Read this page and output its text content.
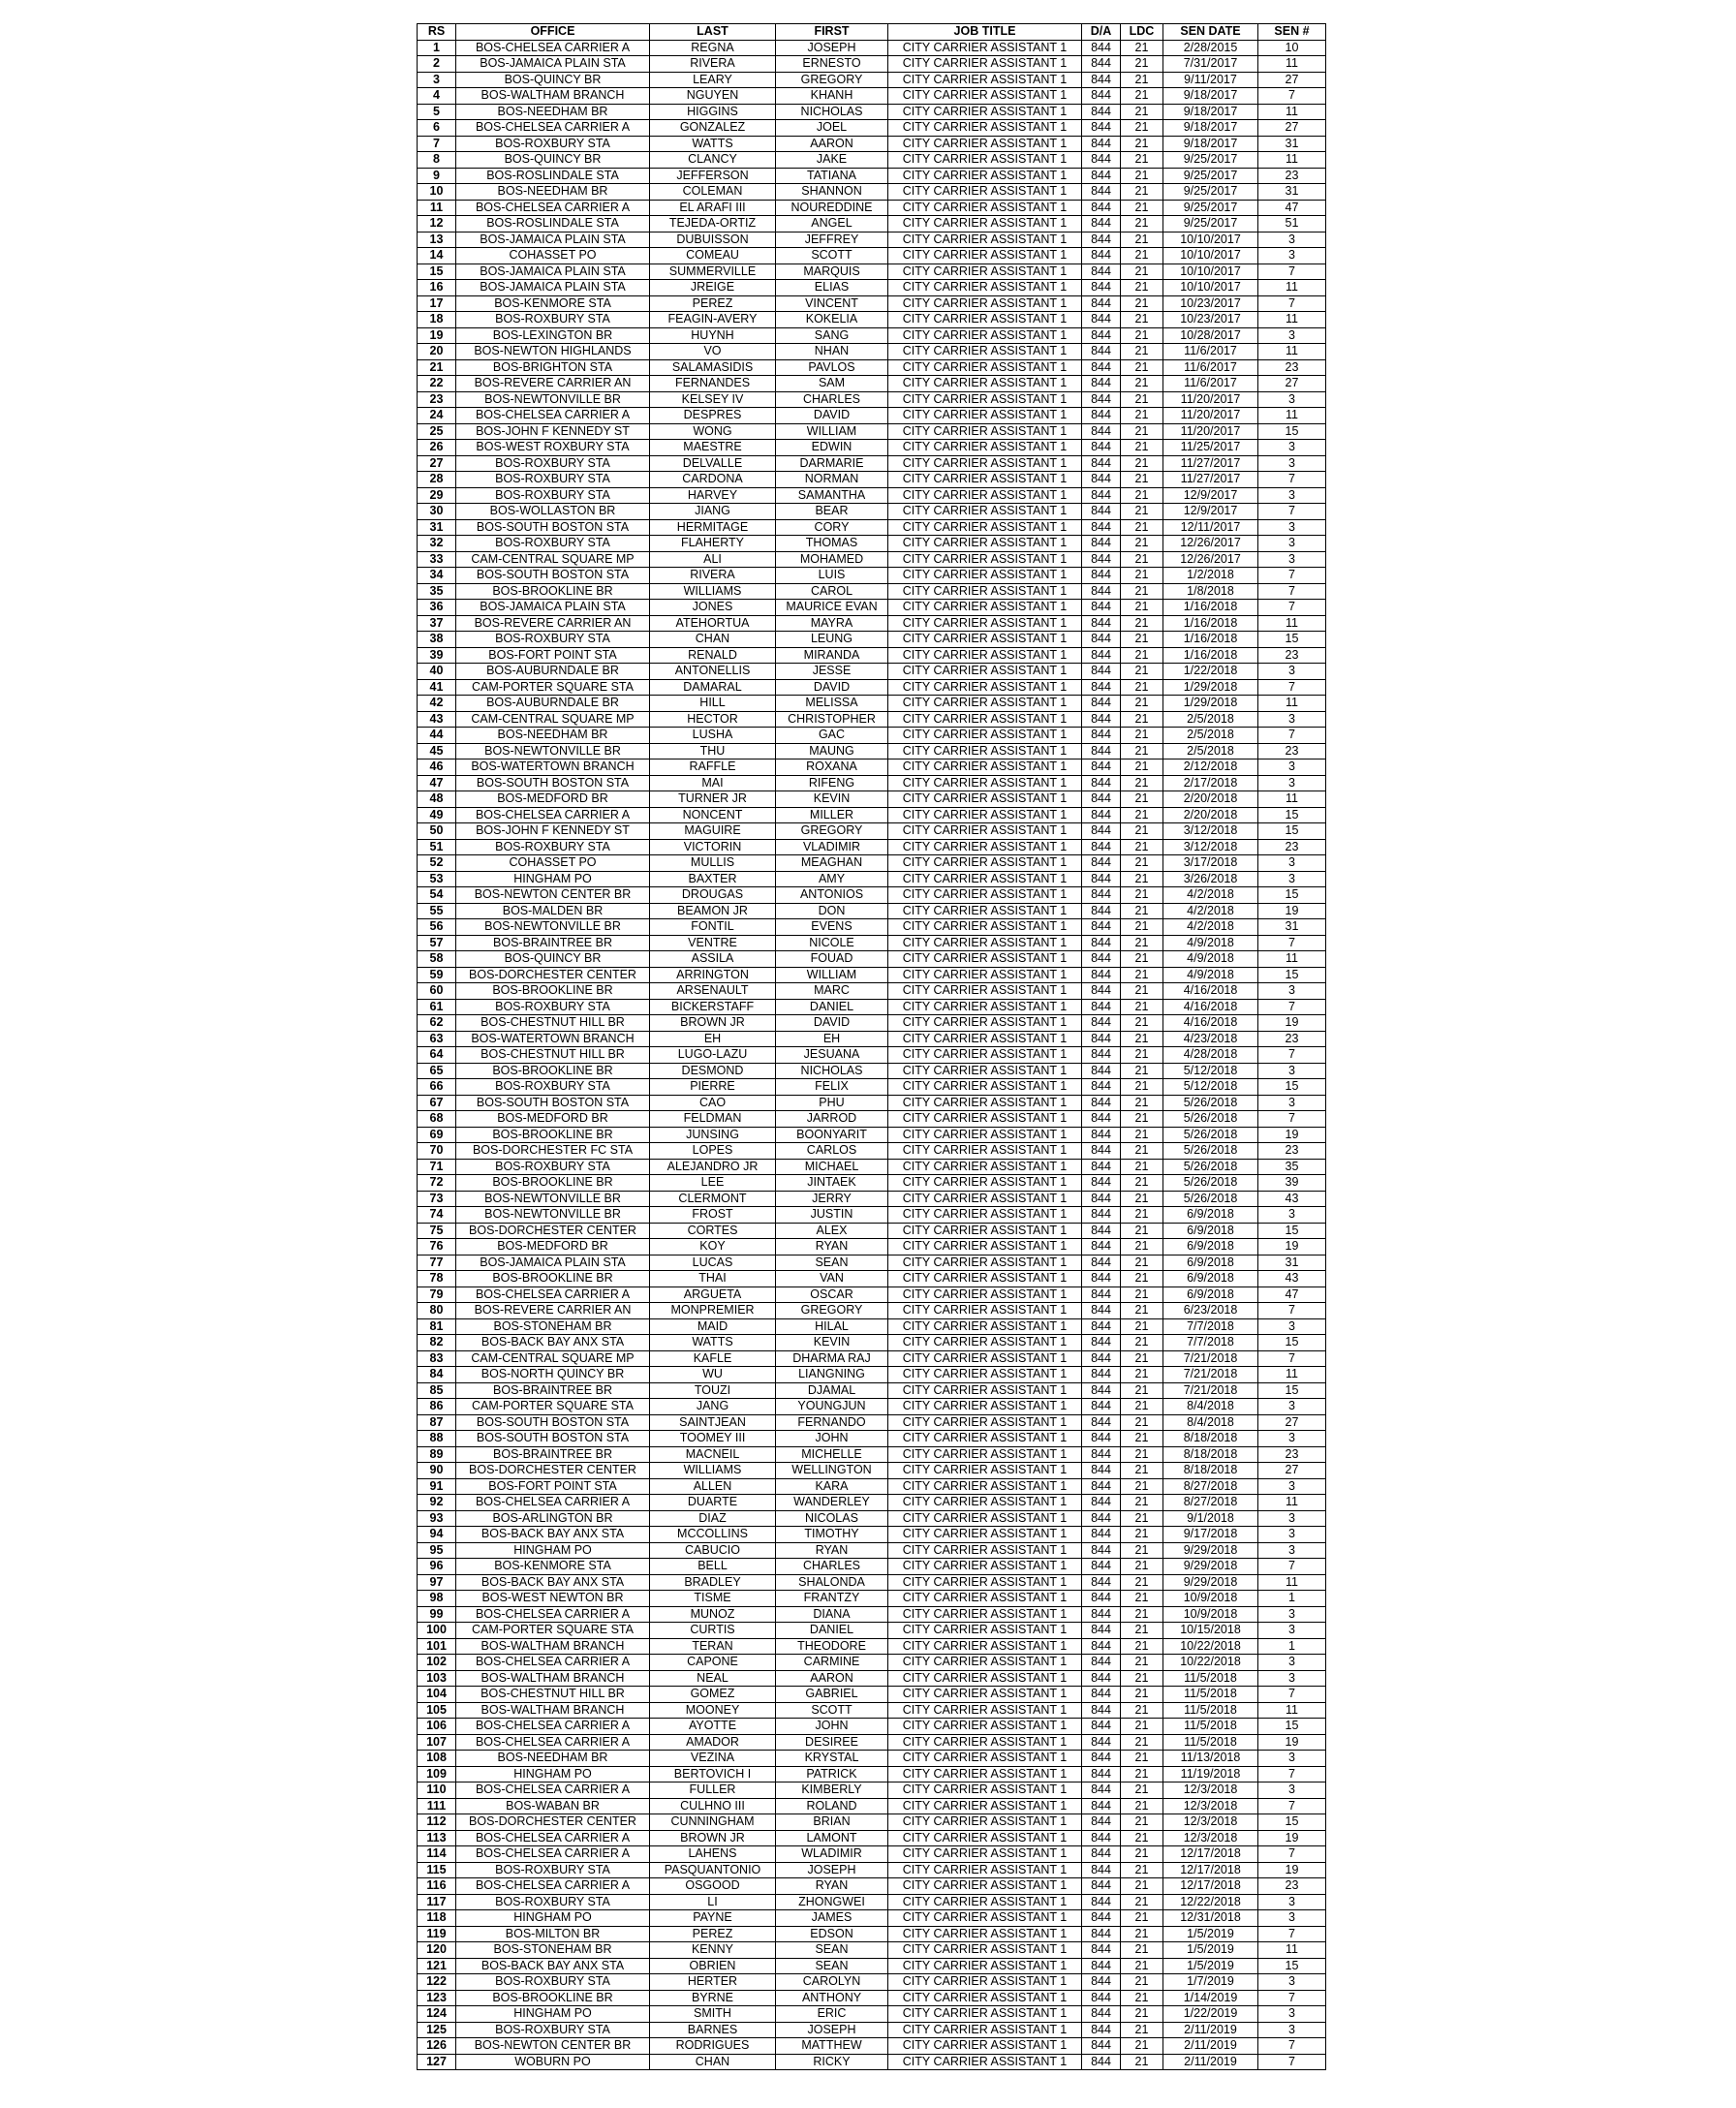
RS	OFFICE	LAST	FIRST	JOB TITLE	D/A	LDC	SEN DATE	SEN #
1	BOS-CHELSEA CARRIER A	REGNA	JOSEPH	CITY CARRIER ASSISTANT 1	844	21	2/28/2015	10
2	BOS-JAMAICA PLAIN STA	RIVERA	ERNESTO	CITY CARRIER ASSISTANT 1	844	21	7/31/2017	11
3	BOS-QUINCY BR	LEARY	GREGORY	CITY CARRIER ASSISTANT 1	844	21	9/11/2017	27
4	BOS-WALTHAM BRANCH	NGUYEN	KHANH	CITY CARRIER ASSISTANT 1	844	21	9/18/2017	7
5	BOS-NEEDHAM BR	HIGGINS	NICHOLAS	CITY CARRIER ASSISTANT 1	844	21	9/18/2017	11
6	BOS-CHELSEA CARRIER A	GONZALEZ	JOEL	CITY CARRIER ASSISTANT 1	844	21	9/18/2017	27
7	BOS-ROXBURY STA	WATTS	AARON	CITY CARRIER ASSISTANT 1	844	21	9/18/2017	31
8	BOS-QUINCY BR	CLANCY	JAKE	CITY CARRIER ASSISTANT 1	844	21	9/25/2017	11
9	BOS-ROSLINDALE STA	JEFFERSON	TATIANA	CITY CARRIER ASSISTANT 1	844	21	9/25/2017	23
10	BOS-NEEDHAM BR	COLEMAN	SHANNON	CITY CARRIER ASSISTANT 1	844	21	9/25/2017	31
11	BOS-CHELSEA CARRIER A	EL ARAFI III	NOUREDDINE	CITY CARRIER ASSISTANT 1	844	21	9/25/2017	47
12	BOS-ROSLINDALE STA	TEJEDA-ORTIZ	ANGEL	CITY CARRIER ASSISTANT 1	844	21	9/25/2017	51
13	BOS-JAMAICA PLAIN STA	DUBUISSON	JEFFREY	CITY CARRIER ASSISTANT 1	844	21	10/10/2017	3
14	COHASSET PO	COMEAU	SCOTT	CITY CARRIER ASSISTANT 1	844	21	10/10/2017	3
15	BOS-JAMAICA PLAIN STA	SUMMERVILLE	MARQUIS	CITY CARRIER ASSISTANT 1	844	21	10/10/2017	7
16	BOS-JAMAICA PLAIN STA	JREIGE	ELIAS	CITY CARRIER ASSISTANT 1	844	21	10/10/2017	11
17	BOS-KENMORE STA	PEREZ	VINCENT	CITY CARRIER ASSISTANT 1	844	21	10/23/2017	7
18	BOS-ROXBURY STA	FEAGIN-AVERY	KOKELIA	CITY CARRIER ASSISTANT 1	844	21	10/23/2017	11
19	BOS-LEXINGTON BR	HUYNH	SANG	CITY CARRIER ASSISTANT 1	844	21	10/28/2017	3
20	BOS-NEWTON HIGHLANDS	VO	NHAN	CITY CARRIER ASSISTANT 1	844	21	11/6/2017	11
21	BOS-BRIGHTON STA	SALAMASIDIS	PAVLOS	CITY CARRIER ASSISTANT 1	844	21	11/6/2017	23
22	BOS-REVERE CARRIER AN	FERNANDES	SAM	CITY CARRIER ASSISTANT 1	844	21	11/6/2017	27
23	BOS-NEWTONVILLE BR	KELSEY IV	CHARLES	CITY CARRIER ASSISTANT 1	844	21	11/20/2017	3
24	BOS-CHELSEA CARRIER A	DESPRES	DAVID	CITY CARRIER ASSISTANT 1	844	21	11/20/2017	11
25	BOS-JOHN F KENNEDY ST	WONG	WILLIAM	CITY CARRIER ASSISTANT 1	844	21	11/20/2017	15
26	BOS-WEST ROXBURY STA	MAESTRE	EDWIN	CITY CARRIER ASSISTANT 1	844	21	11/25/2017	3
27	BOS-ROXBURY STA	DELVALLE	DARMARIE	CITY CARRIER ASSISTANT 1	844	21	11/27/2017	3
28	BOS-ROXBURY STA	CARDONA	NORMAN	CITY CARRIER ASSISTANT 1	844	21	11/27/2017	7
29	BOS-ROXBURY STA	HARVEY	SAMANTHA	CITY CARRIER ASSISTANT 1	844	21	12/9/2017	3
30	BOS-WOLLASTON BR	JIANG	BEAR	CITY CARRIER ASSISTANT 1	844	21	12/9/2017	7
31	BOS-SOUTH BOSTON STA	HERMITAGE	CORY	CITY CARRIER ASSISTANT 1	844	21	12/11/2017	3
32	BOS-ROXBURY STA	FLAHERTY	THOMAS	CITY CARRIER ASSISTANT 1	844	21	12/26/2017	3
33	CAM-CENTRAL SQUARE MP	ALI	MOHAMED	CITY CARRIER ASSISTANT 1	844	21	12/26/2017	3
34	BOS-SOUTH BOSTON STA	RIVERA	LUIS	CITY CARRIER ASSISTANT 1	844	21	1/2/2018	7
35	BOS-BROOKLINE BR	WILLIAMS	CAROL	CITY CARRIER ASSISTANT 1	844	21	1/8/2018	7
36	BOS-JAMAICA PLAIN STA	JONES	MAURICE EVAN	CITY CARRIER ASSISTANT 1	844	21	1/16/2018	7
37	BOS-REVERE CARRIER AN	ATEHORTUA	MAYRA	CITY CARRIER ASSISTANT 1	844	21	1/16/2018	11
38	BOS-ROXBURY STA	CHAN	LEUNG	CITY CARRIER ASSISTANT 1	844	21	1/16/2018	15
39	BOS-FORT POINT STA	RENALD	MIRANDA	CITY CARRIER ASSISTANT 1	844	21	1/16/2018	23
40	BOS-AUBURNDALE BR	ANTONELLIS	JESSE	CITY CARRIER ASSISTANT 1	844	21	1/22/2018	3
41	CAM-PORTER SQUARE STA	DAMARAL	DAVID	CITY CARRIER ASSISTANT 1	844	21	1/29/2018	7
42	BOS-AUBURNDALE BR	HILL	MELISSA	CITY CARRIER ASSISTANT 1	844	21	1/29/2018	11
43	CAM-CENTRAL SQUARE MP	HECTOR	CHRISTOPHER	CITY CARRIER ASSISTANT 1	844	21	2/5/2018	3
44	BOS-NEEDHAM BR	LUSHA	GAC	CITY CARRIER ASSISTANT 1	844	21	2/5/2018	7
45	BOS-NEWTONVILLE BR	THU	MAUNG	CITY CARRIER ASSISTANT 1	844	21	2/5/2018	23
46	BOS-WATERTOWN BRANCH	RAFFLE	ROXANA	CITY CARRIER ASSISTANT 1	844	21	2/12/2018	3
47	BOS-SOUTH BOSTON STA	MAI	RIFENG	CITY CARRIER ASSISTANT 1	844	21	2/17/2018	3
48	BOS-MEDFORD BR	TURNER JR	KEVIN	CITY CARRIER ASSISTANT 1	844	21	2/20/2018	11
49	BOS-CHELSEA CARRIER A	NONCENT	MILLER	CITY CARRIER ASSISTANT 1	844	21	2/20/2018	15
50	BOS-JOHN F KENNEDY ST	MAGUIRE	GREGORY	CITY CARRIER ASSISTANT 1	844	21	3/12/2018	15
51	BOS-ROXBURY STA	VICTORIN	VLADIMIR	CITY CARRIER ASSISTANT 1	844	21	3/12/2018	23
52	COHASSET PO	MULLIS	MEAGHAN	CITY CARRIER ASSISTANT 1	844	21	3/17/2018	3
53	HINGHAM PO	BAXTER	AMY	CITY CARRIER ASSISTANT 1	844	21	3/26/2018	3
54	BOS-NEWTON CENTER BR	DROUGAS	ANTONIOS	CITY CARRIER ASSISTANT 1	844	21	4/2/2018	15
55	BOS-MALDEN BR	BEAMON JR	DON	CITY CARRIER ASSISTANT 1	844	21	4/2/2018	19
56	BOS-NEWTONVILLE BR	FONTIL	EVENS	CITY CARRIER ASSISTANT 1	844	21	4/2/2018	31
57	BOS-BRAINTREE BR	VENTRE	NICOLE	CITY CARRIER ASSISTANT 1	844	21	4/9/2018	7
58	BOS-QUINCY BR	ASSILA	FOUAD	CITY CARRIER ASSISTANT 1	844	21	4/9/2018	11
59	BOS-DORCHESTER CENTER	ARRINGTON	WILLIAM	CITY CARRIER ASSISTANT 1	844	21	4/9/2018	15
60	BOS-BROOKLINE BR	ARSENAULT	MARC	CITY CARRIER ASSISTANT 1	844	21	4/16/2018	3
61	BOS-ROXBURY STA	BICKERSTAFF	DANIEL	CITY CARRIER ASSISTANT 1	844	21	4/16/2018	7
62	BOS-CHESTNUT HILL BR	BROWN JR	DAVID	CITY CARRIER ASSISTANT 1	844	21	4/16/2018	19
63	BOS-WATERTOWN BRANCH	EH	EH	CITY CARRIER ASSISTANT 1	844	21	4/23/2018	23
64	BOS-CHESTNUT HILL BR	LUGO-LAZU	JESUANA	CITY CARRIER ASSISTANT 1	844	21	4/28/2018	7
65	BOS-BROOKLINE BR	DESMOND	NICHOLAS	CITY CARRIER ASSISTANT 1	844	21	5/12/2018	3
66	BOS-ROXBURY STA	PIERRE	FELIX	CITY CARRIER ASSISTANT 1	844	21	5/12/2018	15
67	BOS-SOUTH BOSTON STA	CAO	PHU	CITY CARRIER ASSISTANT 1	844	21	5/26/2018	3
68	BOS-MEDFORD BR	FELDMAN	JARROD	CITY CARRIER ASSISTANT 1	844	21	5/26/2018	7
69	BOS-BROOKLINE BR	JUNSING	BOONYARIT	CITY CARRIER ASSISTANT 1	844	21	5/26/2018	19
70	BOS-DORCHESTER FC STA	LOPES	CARLOS	CITY CARRIER ASSISTANT 1	844	21	5/26/2018	23
71	BOS-ROXBURY STA	ALEJANDRO JR	MICHAEL	CITY CARRIER ASSISTANT 1	844	21	5/26/2018	35
72	BOS-BROOKLINE BR	LEE	JINTAEK	CITY CARRIER ASSISTANT 1	844	21	5/26/2018	39
73	BOS-NEWTONVILLE BR	CLERMONT	JERRY	CITY CARRIER ASSISTANT 1	844	21	5/26/2018	43
74	BOS-NEWTONVILLE BR	FROST	JUSTIN	CITY CARRIER ASSISTANT 1	844	21	6/9/2018	3
75	BOS-DORCHESTER CENTER	CORTES	ALEX	CITY CARRIER ASSISTANT 1	844	21	6/9/2018	15
76	BOS-MEDFORD BR	KOY	RYAN	CITY CARRIER ASSISTANT 1	844	21	6/9/2018	19
77	BOS-JAMAICA PLAIN STA	LUCAS	SEAN	CITY CARRIER ASSISTANT 1	844	21	6/9/2018	31
78	BOS-BROOKLINE BR	THAI	VAN	CITY CARRIER ASSISTANT 1	844	21	6/9/2018	43
79	BOS-CHELSEA CARRIER A	ARGUETA	OSCAR	CITY CARRIER ASSISTANT 1	844	21	6/9/2018	47
80	BOS-REVERE CARRIER AN	MONPREMIER	GREGORY	CITY CARRIER ASSISTANT 1	844	21	6/23/2018	7
81	BOS-STONEHAM BR	MAID	HILAL	CITY CARRIER ASSISTANT 1	844	21	7/7/2018	3
82	BOS-BACK BAY ANX STA	WATTS	KEVIN	CITY CARRIER ASSISTANT 1	844	21	7/7/2018	15
83	CAM-CENTRAL SQUARE MP	KAFLE	DHARMA RAJ	CITY CARRIER ASSISTANT 1	844	21	7/21/2018	7
84	BOS-NORTH QUINCY BR	WU	LIANGNING	CITY CARRIER ASSISTANT 1	844	21	7/21/2018	11
85	BOS-BRAINTREE BR	TOUZI	DJAMAL	CITY CARRIER ASSISTANT 1	844	21	7/21/2018	15
86	CAM-PORTER SQUARE STA	JANG	YOUNGJUN	CITY CARRIER ASSISTANT 1	844	21	8/4/2018	3
87	BOS-SOUTH BOSTON STA	SAINTJEAN	FERNANDO	CITY CARRIER ASSISTANT 1	844	21	8/4/2018	27
88	BOS-SOUTH BOSTON STA	TOOMEY III	JOHN	CITY CARRIER ASSISTANT 1	844	21	8/18/2018	3
89	BOS-BRAINTREE BR	MACNEIL	MICHELLE	CITY CARRIER ASSISTANT 1	844	21	8/18/2018	23
90	BOS-DORCHESTER CENTER	WILLIAMS	WELLINGTON	CITY CARRIER ASSISTANT 1	844	21	8/18/2018	27
91	BOS-FORT POINT STA	ALLEN	KARA	CITY CARRIER ASSISTANT 1	844	21	8/27/2018	3
92	BOS-CHELSEA CARRIER A	DUARTE	WANDERLEY	CITY CARRIER ASSISTANT 1	844	21	8/27/2018	11
93	BOS-ARLINGTON BR	DIAZ	NICOLAS	CITY CARRIER ASSISTANT 1	844	21	9/1/2018	3
94	BOS-BACK BAY ANX STA	MCCOLLINS	TIMOTHY	CITY CARRIER ASSISTANT 1	844	21	9/17/2018	3
95	HINGHAM PO	CABUCIO	RYAN	CITY CARRIER ASSISTANT 1	844	21	9/29/2018	3
96	BOS-KENMORE STA	BELL	CHARLES	CITY CARRIER ASSISTANT 1	844	21	9/29/2018	7
97	BOS-BACK BAY ANX STA	BRADLEY	SHALONDA	CITY CARRIER ASSISTANT 1	844	21	9/29/2018	11
98	BOS-WEST NEWTON BR	TISME	FRANTZY	CITY CARRIER ASSISTANT 1	844	21	10/9/2018	1
99	BOS-CHELSEA CARRIER A	MUNOZ	DIANA	CITY CARRIER ASSISTANT 1	844	21	10/9/2018	3
100	CAM-PORTER SQUARE STA	CURTIS	DANIEL	CITY CARRIER ASSISTANT 1	844	21	10/15/2018	3
101	BOS-WALTHAM BRANCH	TERAN	THEODORE	CITY CARRIER ASSISTANT 1	844	21	10/22/2018	1
102	BOS-CHELSEA CARRIER A	CAPONE	CARMINE	CITY CARRIER ASSISTANT 1	844	21	10/22/2018	3
103	BOS-WALTHAM BRANCH	NEAL	AARON	CITY CARRIER ASSISTANT 1	844	21	11/5/2018	3
104	BOS-CHESTNUT HILL BR	GOMEZ	GABRIEL	CITY CARRIER ASSISTANT 1	844	21	11/5/2018	7
105	BOS-WALTHAM BRANCH	MOONEY	SCOTT	CITY CARRIER ASSISTANT 1	844	21	11/5/2018	11
106	BOS-CHELSEA CARRIER A	AYOTTE	JOHN	CITY CARRIER ASSISTANT 1	844	21	11/5/2018	15
107	BOS-CHELSEA CARRIER A	AMADOR	DESIREE	CITY CARRIER ASSISTANT 1	844	21	11/5/2018	19
108	BOS-NEEDHAM BR	VEZINA	KRYSTAL	CITY CARRIER ASSISTANT 1	844	21	11/13/2018	3
109	HINGHAM PO	BERTOVICH I	PATRICK	CITY CARRIER ASSISTANT 1	844	21	11/19/2018	7
110	BOS-CHELSEA CARRIER A	FULLER	KIMBERLY	CITY CARRIER ASSISTANT 1	844	21	12/3/2018	3
111	BOS-WABAN BR	CULHNO III	ROLAND	CITY CARRIER ASSISTANT 1	844	21	12/3/2018	7
112	BOS-DORCHESTER CENTER	CUNNINGHAM	BRIAN	CITY CARRIER ASSISTANT 1	844	21	12/3/2018	15
113	BOS-CHELSEA CARRIER A	BROWN JR	LAMONT	CITY CARRIER ASSISTANT 1	844	21	12/3/2018	19
114	BOS-CHELSEA CARRIER A	LAHENS	WLADIMIR	CITY CARRIER ASSISTANT 1	844	21	12/17/2018	7
115	BOS-ROXBURY STA	PASQUANTONIO	JOSEPH	CITY CARRIER ASSISTANT 1	844	21	12/17/2018	19
116	BOS-CHELSEA CARRIER A	OSGOOD	RYAN	CITY CARRIER ASSISTANT 1	844	21	12/17/2018	23
117	BOS-ROXBURY STA	LI	ZHONGWEI	CITY CARRIER ASSISTANT 1	844	21	12/22/2018	3
118	HINGHAM PO	PAYNE	JAMES	CITY CARRIER ASSISTANT 1	844	21	12/31/2018	3
119	BOS-MILTON BR	PEREZ	EDSON	CITY CARRIER ASSISTANT 1	844	21	1/5/2019	7
120	BOS-STONEHAM BR	KENNY	SEAN	CITY CARRIER ASSISTANT 1	844	21	1/5/2019	11
121	BOS-BACK BAY ANX STA	OBRIEN	SEAN	CITY CARRIER ASSISTANT 1	844	21	1/5/2019	15
122	BOS-ROXBURY STA	HERTER	CAROLYN	CITY CARRIER ASSISTANT 1	844	21	1/7/2019	3
123	BOS-BROOKLINE BR	BYRNE	ANTHONY	CITY CARRIER ASSISTANT 1	844	21	1/14/2019	7
124	HINGHAM PO	SMITH	ERIC	CITY CARRIER ASSISTANT 1	844	21	1/22/2019	3
125	BOS-ROXBURY STA	BARNES	JOSEPH	CITY CARRIER ASSISTANT 1	844	21	2/11/2019	3
126	BOS-NEWTON CENTER BR	RODRIGUES	MATTHEW	CITY CARRIER ASSISTANT 1	844	21	2/11/2019	7
127	WOBURN PO	CHAN	RICKY	CITY CARRIER ASSISTANT 1	844	21	2/11/2019	7
